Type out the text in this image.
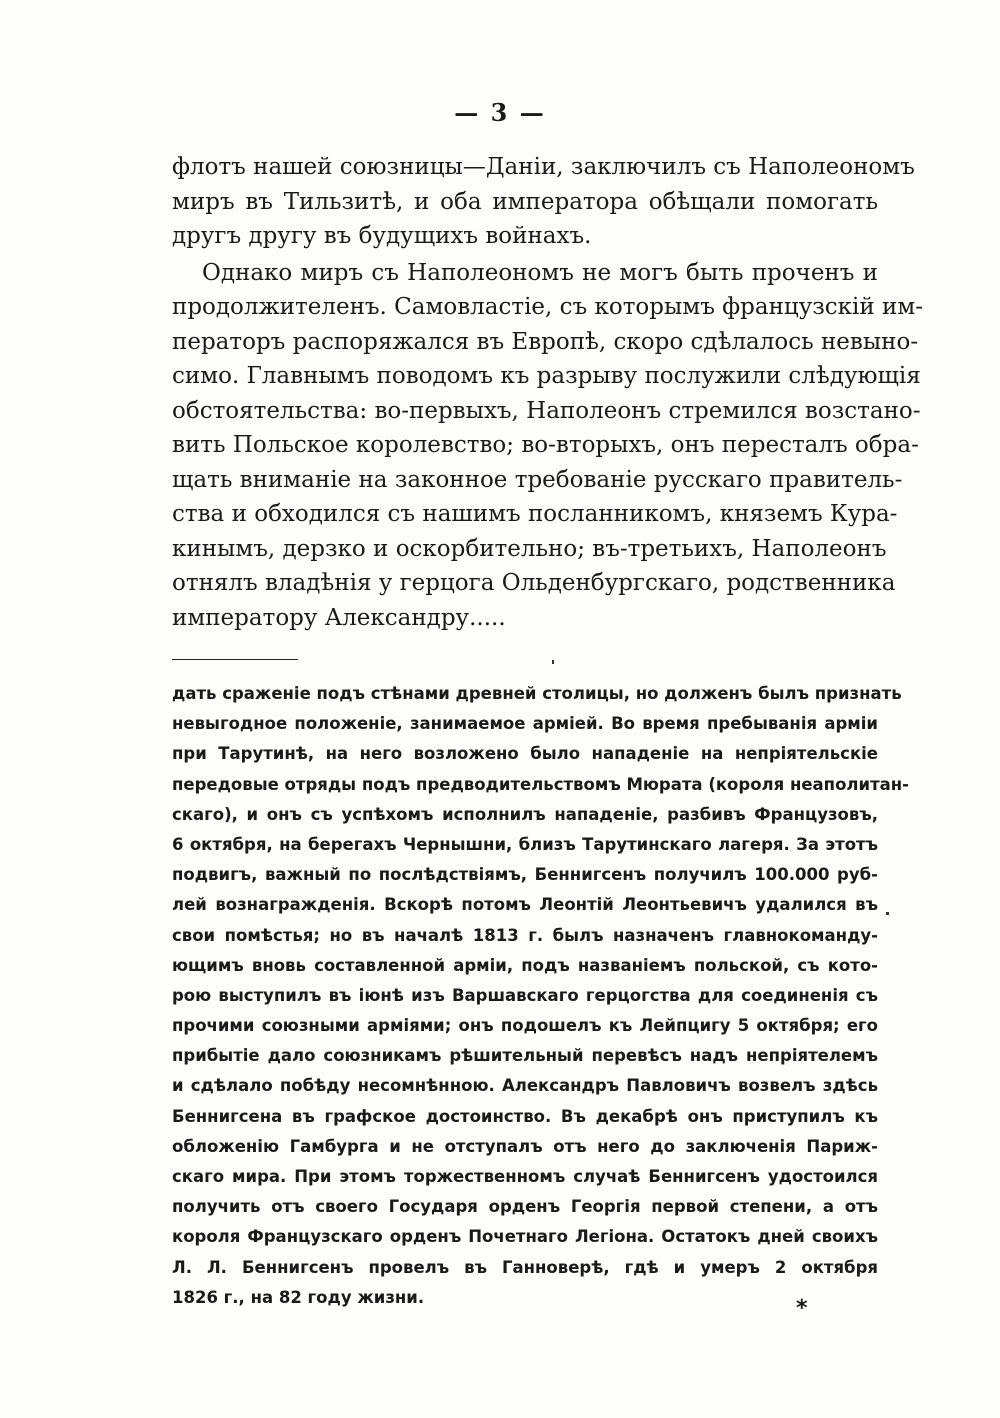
— 3 —
флотъ нашей союзницы—Даніи, заключилъ съ Наполеономъ
миръ въ Тильзитѣ, и оба императора обѣщали помогать
другъ другу въ будущихъ войнахъ.
Однако миръ съ Наполеономъ не могъ быть проченъ и
продолжителенъ. Самовластіе, съ которымъ французскій им-
ператоръ распоряжался въ Европѣ, скоро сдѣлалось невыно-
симо. Главнымъ поводомъ къ разрыву послужили слѣдующія
обстоятельства: во-первыхъ, Наполеонъ стремился возстано-
вить Польское королевство; во-вторыхъ, онъ пересталъ обра-
щать вниманіе на законное требованіе русскаго правитель-
ства и обходился съ нашимъ посланникомъ, княземъ Кура-
кинымъ, дерзко и оскорбительно; въ-третьихъ, Наполеонъ
отнялъ владѣнія у герцога Ольденбургскаго, родственника
императору Александру.....
дать сраженіе подъ стѣнами древней столицы, но долженъ былъ признать
невыгодное положеніе, занимаемое арміей. Во время пребыванія арміи
при Тарутинѣ, на него возложено было нападеніе на непріятельскіе
передовые отряды подъ предводительствомъ Мюрата (короля неаполитан-
скаго), и онъ съ успѣхомъ исполнилъ нападеніе, разбивъ Французовъ,
6 октября, на берегахъ Чернышни, близъ Тарутинскаго лагеря. За этотъ
подвигъ, важный по послѣдствіямъ, Беннигсенъ получилъ 100.000 руб-
лей вознагражденія. Вскорѣ потомъ Леонтій Леонтьевичъ удалился въ
свои помѣстья; но въ началѣ 1813 г. былъ назначенъ главнокоманду-
ющимъ вновь составленной арміи, подъ названіемъ польской, съ кото-
рою выступилъ въ іюнѣ изъ Варшавскаго герцогства для соединенія съ
прочими союзными арміями; онъ подошелъ къ Лейпцигу 5 октября; его
прибытіе дало союзникамъ рѣшительный перевѣсъ надъ непріятелемъ
и сдѣлало побѣду несомнѣнною. Александръ Павловичъ возвелъ здѣсь
Беннигсена въ графское достоинство. Въ декабрѣ онъ приступилъ къ
обложенію Гамбурга и не отступалъ отъ него до заключенія Париж-
скаго мира. При этомъ торжественномъ случаѣ Беннигсенъ удостоился
получить отъ своего Государя орденъ Георгія первой степени, а отъ
короля Французскаго орденъ Почетнаго Легіона. Остатокъ дней своихъ
Л. Л. Беннигсенъ провелъ въ Ганноверѣ, гдѣ и умеръ 2 октября
1826 г., на 82 году жизни.	*
